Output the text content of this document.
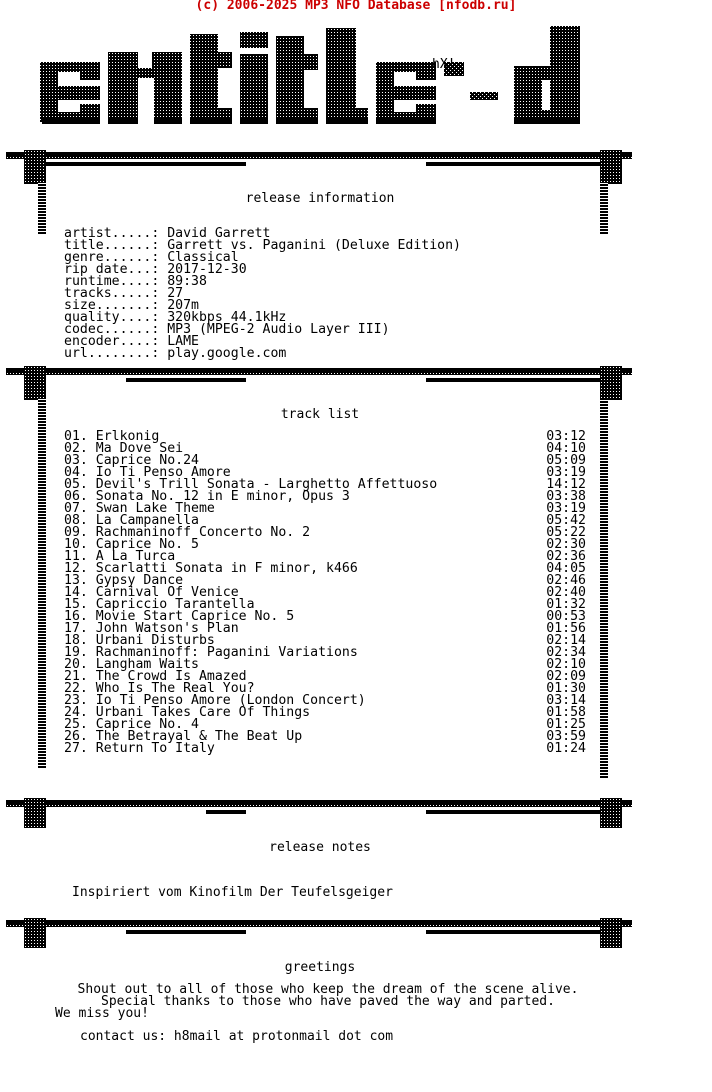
(c) 2006-2025 MP3 NFO Database [nfodb.ru]
hX!
release information
artist.....: David Garrett
title......: Garrett vs. Paganini (Deluxe Edition)
genre......: Classical
rip date...: 2017-12-30
runtime....: 89:38
tracks.....: 27
size.......: 207m
quality....: 320kbps 44.1kHz
codec......: MP3 (MPEG-2 Audio Layer III)
encoder....: LAME
url........: play.google.com
track list
01. Erlkonig	03:12
02. Ma Dove Sei	04:10
03. Caprice No.24	05:09
04. Io Ti Penso Amore	03:19
05. Devil's Trill Sonata - Larghetto Affettuoso	14:12
06. Sonata No. 12 in E minor, Opus 3	03:38
07. Swan Lake Theme	03:19
08. La Campanella	05:42
09. Rachmaninoff Concerto No. 2	05:22
10. Caprice No. 5	02:30
11. A La Turca	02:36
12. Scarlatti Sonata in F minor, k466	04:05
13. Gypsy Dance	02:46
14. Carnival Of Venice	02:40
15. Capriccio Tarantella	01:32
16. Movie Start Caprice No. 5	00:53
17. John Watson's Plan	01:56
18. Urbani Disturbs	02:14
19. Rachmaninoff: Paganini Variations	02:34
20. Langham Waits	02:10
21. The Crowd Is Amazed	02:09
22. Who Is The Real You?	01:30
23. Io Ti Penso Amore (London Concert)	03:14
24. Urbani Takes Care Of Things	01:58
25. Caprice No. 4	01:25
26. The Betrayal & The Beat Up	03:59
27. Return To Italy	01:24
release notes
Inspiriert vom Kinofilm Der Teufelsgeiger
greetings
Shout out to all of those who keep the dream of the scene alive.
Special thanks to those who have paved the way and parted.
We miss you!
contact us: h8mail at protonmail dot com
